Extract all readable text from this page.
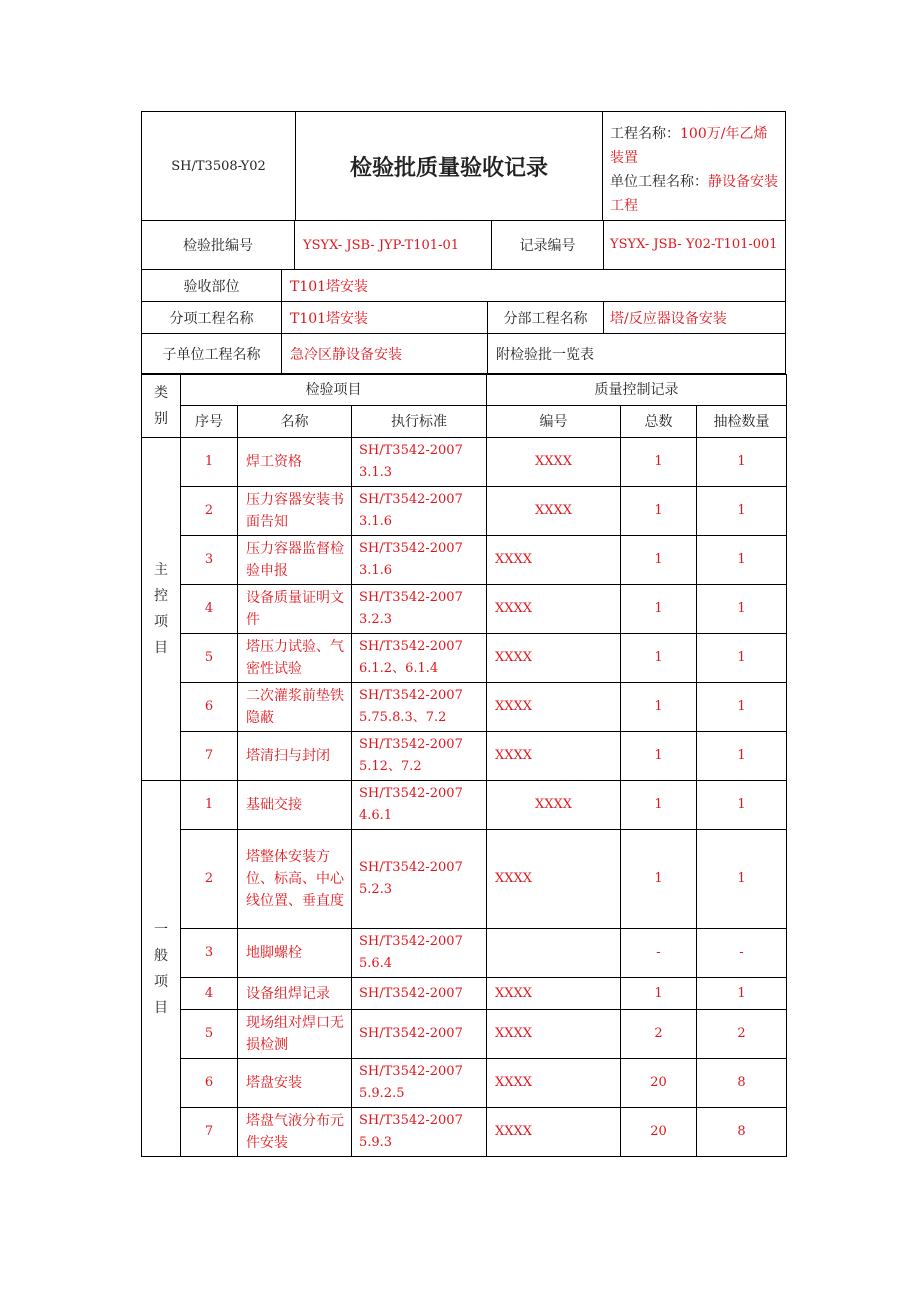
SH/T3508-Y02	检验批质量验收记录
工程名称：100万/年乙烯装置
单位工程名称：静设备安装工程
检验批编号	YSYX- JSB- JYP-T101-01	记录编号	YSYX- JSB- Y02-T101-001
验收部位	T101塔安装
分项工程名称	T101塔安装	分部工程名称	塔/反应器设备安装
子单位工程名称	急冷区静设备安装	附检验批一览表
类
别	检验项目			质量控制记录		
	序号	名称	执行标准	编号	总数	抽检数量
主
控
项
目	1	焊工资格	SH/T3542-2007 3.1.3	XXXX	1	1
	2	压力容器安装书面告知	SH/T3542-2007 3.1.6	XXXX	1	1
	3	压力容器监督检验申报	SH/T3542-2007 3.1.6	XXXX	1	1
	4	设备质量证明文件	SH/T3542-2007 3.2.3	XXXX	1	1
	5	塔压力试验、气密性试验	SH/T3542-2007 6.1.2、6.1.4	XXXX	1	1
	6	二次灌浆前垫铁隐蔽	SH/T3542-2007 5.75.8.3、7.2	XXXX	1	1
	7	塔清扫与封闭	SH/T3542-2007 5.12、7.2	XXXX	1	1
一
般
项
目	1	基础交接	SH/T3542-2007 4.6.1	XXXX	1	1
	2	塔整体安装方位、标高、中心线位置、垂直度	SH/T3542-2007 5.2.3	XXXX	1	1
	3	地脚螺栓	SH/T3542-2007 5.6.4		-	-
	4	设备组焊记录	SH/T3542-2007	XXXX	1	1
	5	现场组对焊口无损检测	SH/T3542-2007	XXXX	2	2
	6	塔盘安装	SH/T3542-2007 5.9.2.5	XXXX	20	8
	7	塔盘气液分布元件安装	SH/T3542-2007 5.9.3	XXXX	20	8
